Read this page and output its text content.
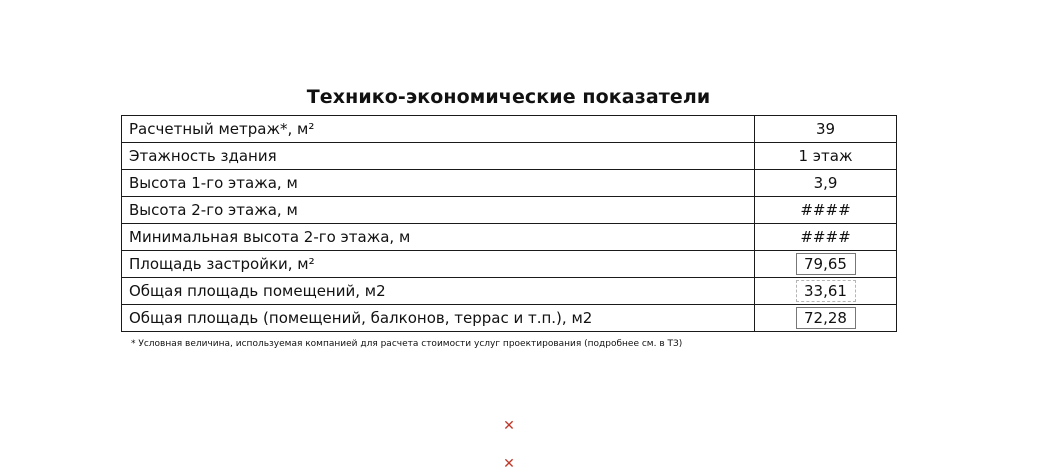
Технико-экономические показатели
Расчетный метраж*, м²	39
Этажность здания	1 этаж
Высота 1-го этажа, м	3,9
Высота 2-го этажа, м	####
Минимальная высота 2-го этажа, м	####
Площадь застройки, м²	79,65
Общая площадь помещений, м2	33,61
Общая площадь (помещений, балконов, террас и т.п.), м2	72,28
* Условная величина, используемая компанией для расчета стоимости услуг проектирования (подробнее см. в ТЗ)
✕
✕
